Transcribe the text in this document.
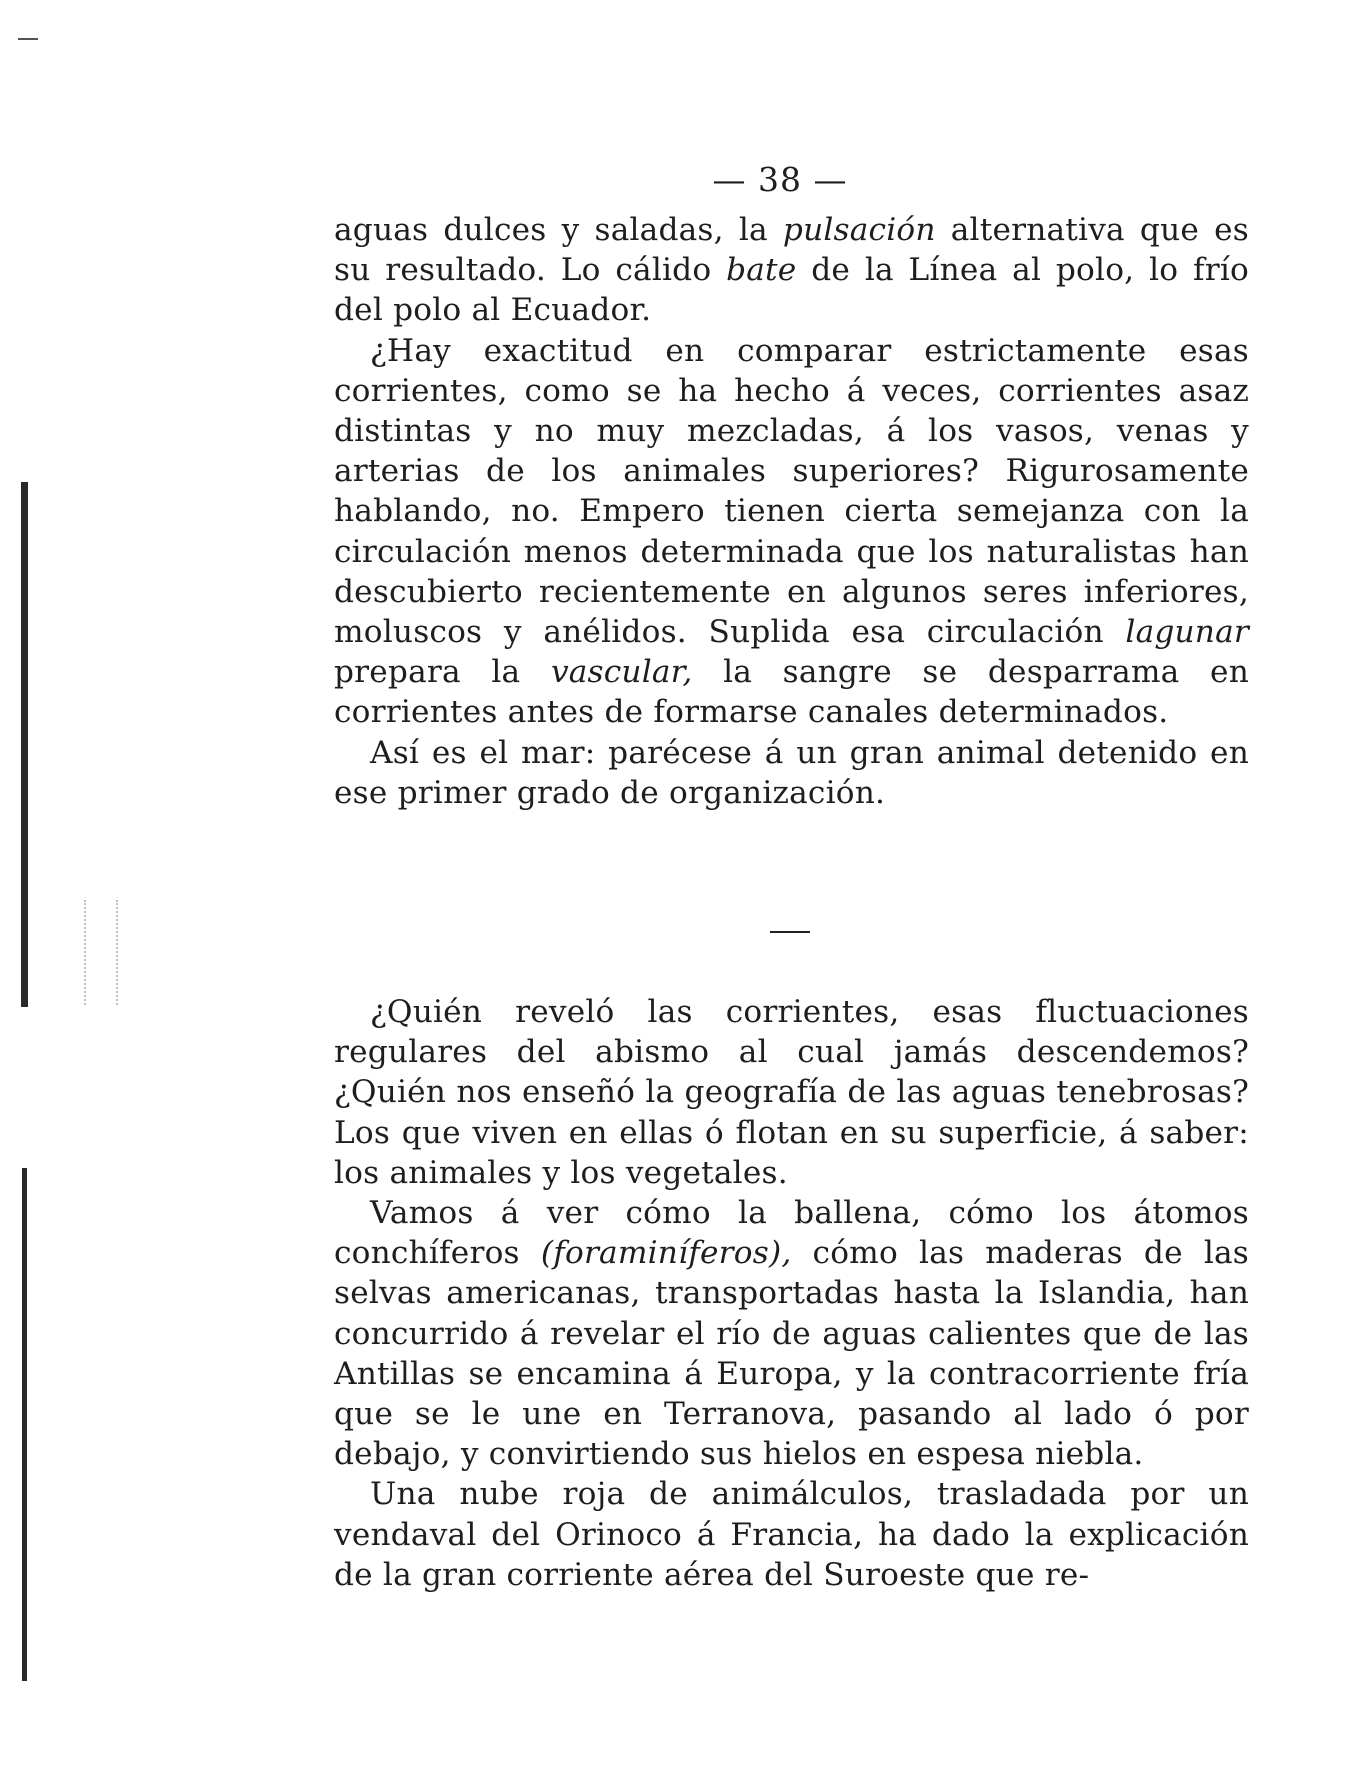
— 38 —

aguas dulces y saladas, la pulsación alternativa que es su resultado. Lo cálido bate de la Línea al polo, lo frío del polo al Ecuador.

¿Hay exactitud en comparar estrictamente esas corrientes, como se ha hecho á veces, corrientes asaz distintas y no muy mezcladas, á los vasos, venas y arterias de los animales superiores? Rigurosamente hablando, no. Empero tienen cierta semejanza con la circulación menos determinada que los naturalistas han descubierto recientemente en algunos seres inferiores, moluscos y anélidos. Suplida esa circulación lagunar prepara la vascular, la sangre se desparrama en corrientes antes de formarse canales determinados.

Así es el mar: parécese á un gran animal detenido en ese primer grado de organización.

¿Quién reveló las corrientes, esas fluctuaciones regulares del abismo al cual jamás descendemos? ¿Quién nos enseñó la geografía de las aguas tenebrosas? Los que viven en ellas ó flotan en su superficie, á saber: los animales y los vegetales.

Vamos á ver cómo la ballena, cómo los átomos conchíferos (foraminíferos), cómo las maderas de las selvas americanas, transportadas hasta la Islandia, han concurrido á revelar el río de aguas calientes que de las Antillas se encamina á Europa, y la contracorriente fría que se le une en Terranova, pasando al lado ó por debajo, y convirtiendo sus hielos en espesa niebla.

Una nube roja de animálculos, trasladada por un vendaval del Orinoco á Francia, ha dado la explicación de la gran corriente aérea del Suroeste que re-
